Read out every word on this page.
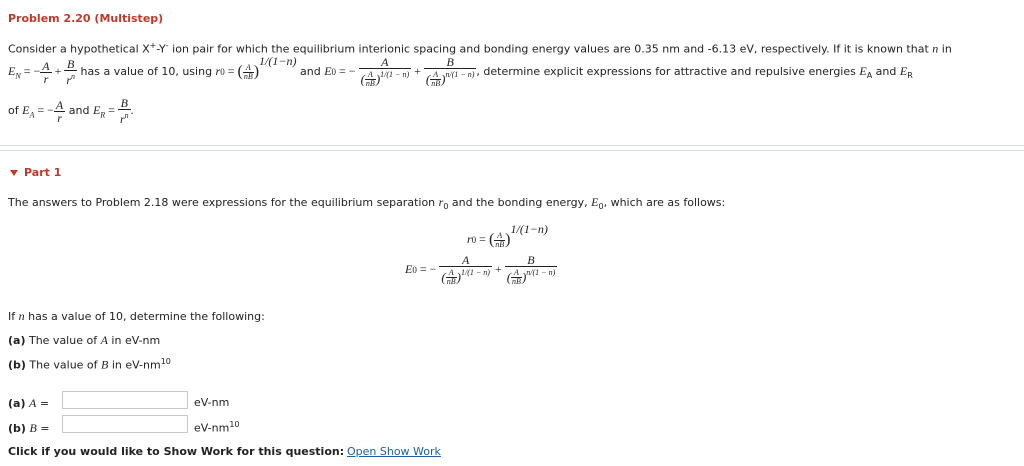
Problem 2.20 (Multistep)
Consider a hypothetical X+-Y- ion pair for which the equilibrium interionic spacing and bonding energy values are 0.35 nm and -6.13 eV, respectively. If it is known that n in
$E_N$ = − $\frac{A}{r} + \frac{B}{r^n}$ has a value of 10, using r0 = ( $\frac{A}{nB} )^{1/(1-n)}$ and E0 = − $\frac{A}{( \frac{A}{nB} )^{1/(1 - n)}} + \frac{B}{( \frac{A}{nB} )^{n/(1 - n)}}$ , determine explicit expressions for attractive and repulsive energies $E_A$ and $E_R$
of $E_A$ = − $\frac{A}{r}$ and $E_R = \frac{B}{r^n}$ .
Part 1
The answers to Problem 2.18 were expressions for the equilibrium separation $r_0$ and the bonding energy, $E_0$, which are as follows:
r0 = ( $\frac{A}{nB} )^{1/(1-n)}$
E0 = − $\frac{A}{( \frac{A}{nB} )^{1/(1 - n)}} + \frac{B}{( \frac{A}{nB} )^{n/(1 - n)}}$
If n has a value of 10, determine the following:
(a) The value of A in eV-nm
(b) The value of B in $eV-nm^{10}$
(a) A =	eV-nm
(b) B =	$eV-nm^{10}$
Click if you would like to Show Work for this question: Open Show Work
